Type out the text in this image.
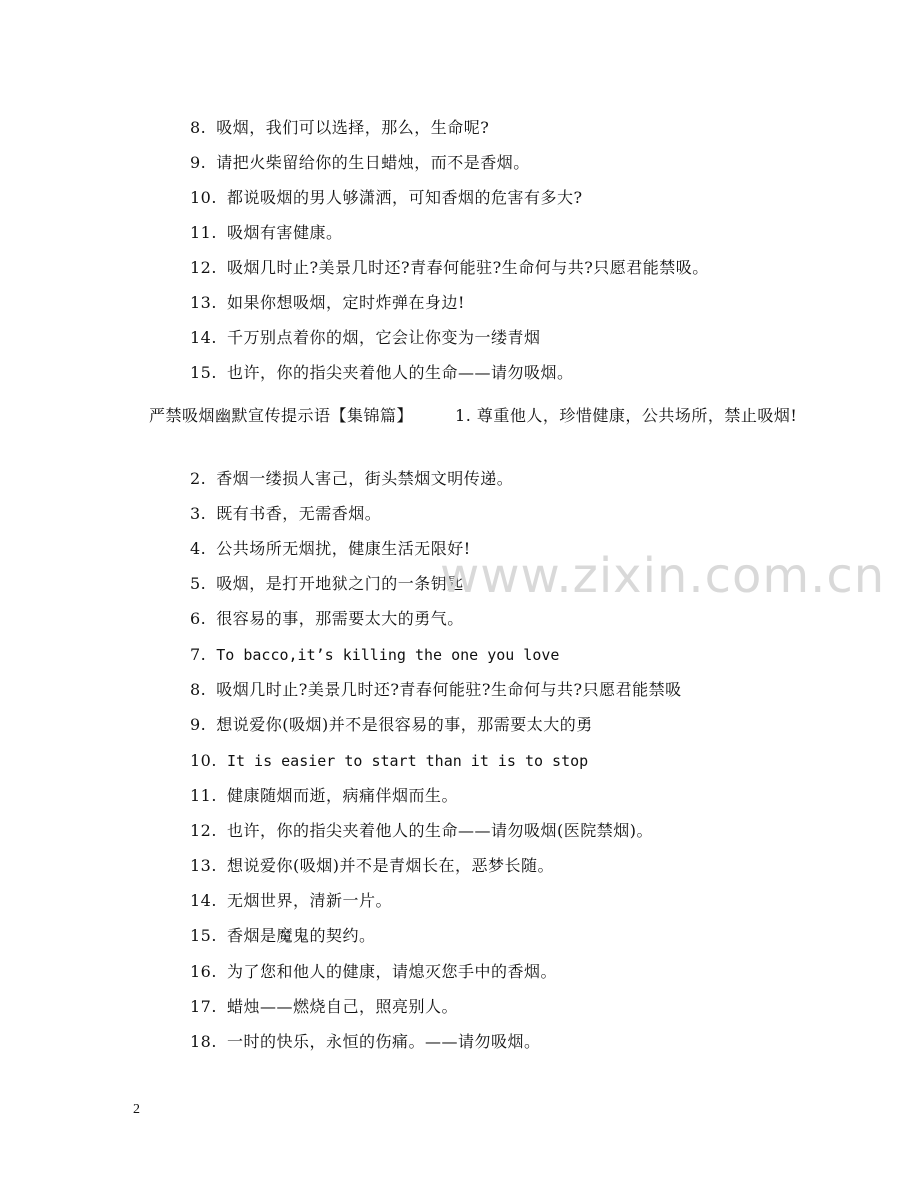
8. 吸烟，我们可以选择，那么，生命呢?
9. 请把火柴留给你的生日蜡烛，而不是香烟。
10. 都说吸烟的男人够潇洒，可知香烟的危害有多大?
11. 吸烟有害健康。
12. 吸烟几时止?美景几时还?青春何能驻?生命何与共?只愿君能禁吸。
13. 如果你想吸烟，定时炸弹在身边!
14. 千万别点着你的烟，它会让你变为一缕青烟
15. 也许，你的指尖夹着他人的生命——请勿吸烟。
严禁吸烟幽默宣传提示语【集锦篇】	1. 尊重他人，珍惜健康，公共场所，禁止吸烟!
2. 香烟一缕损人害己，街头禁烟文明传递。
3. 既有书香，无需香烟。
4. 公共场所无烟扰，健康生活无限好!
5. 吸烟，是打开地狱之门的一条钥匙。
6. 很容易的事，那需要太大的勇气。
7. To bacco,it’s killing the one you love
8. 吸烟几时止?美景几时还?青春何能驻?生命何与共?只愿君能禁吸
9. 想说爱你(吸烟)并不是很容易的事，那需要太大的勇
10. It is easier to start than it is to stop
11. 健康随烟而逝，病痛伴烟而生。
12. 也许，你的指尖夹着他人的生命——请勿吸烟(医院禁烟)。
13. 想说爱你(吸烟)并不是青烟长在，恶梦长随。
14. 无烟世界，清新一片。
15. 香烟是魔鬼的契约。
16. 为了您和他人的健康，请熄灭您手中的香烟。
17. 蜡烛——燃烧自己，照亮别人。
18. 一时的快乐，永恒的伤痛。——请勿吸烟。
www.zixin.com.cn
2
